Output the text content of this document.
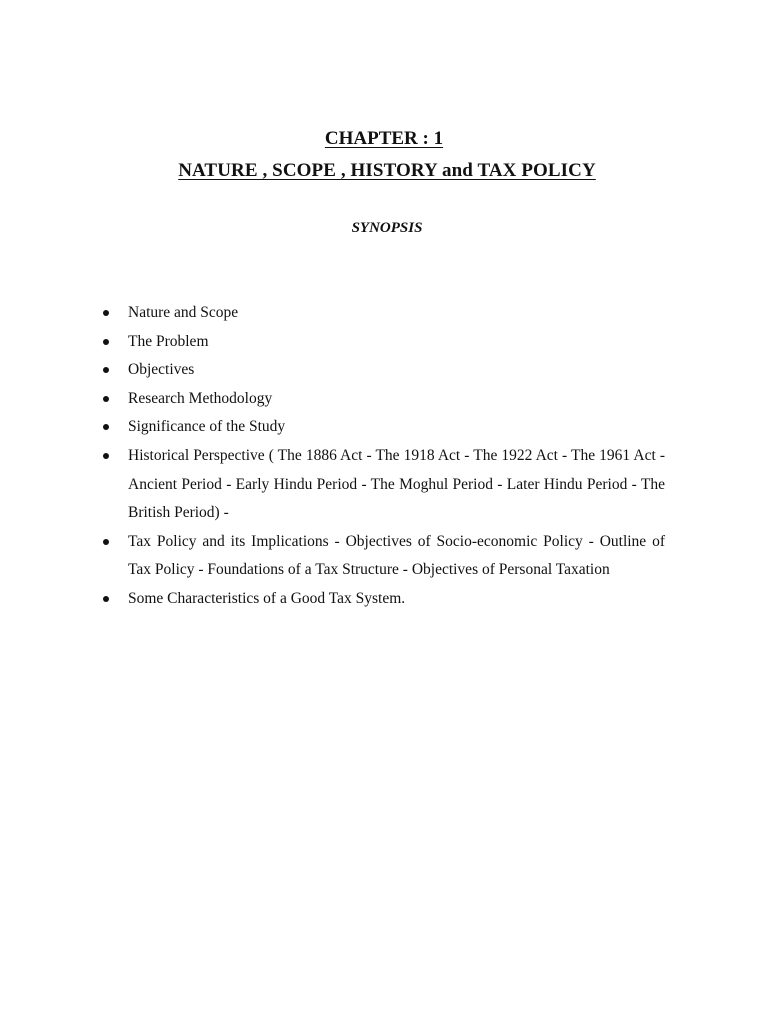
CHAPTER : 1
NATURE , SCOPE , HISTORY and TAX POLICY
SYNOPSIS
Nature and Scope
The Problem
Objectives
Research Methodology
Significance of the Study
Historical Perspective ( The 1886 Act - The 1918 Act - The 1922 Act - The 1961 Act - Ancient Period - Early Hindu Period - The Moghul Period - Later Hindu Period - The British Period) -
Tax Policy and its Implications - Objectives of Socio-economic Policy - Outline of Tax Policy - Foundations of a Tax Structure - Objectives of Personal Taxation
Some Characteristics of a Good Tax System.
